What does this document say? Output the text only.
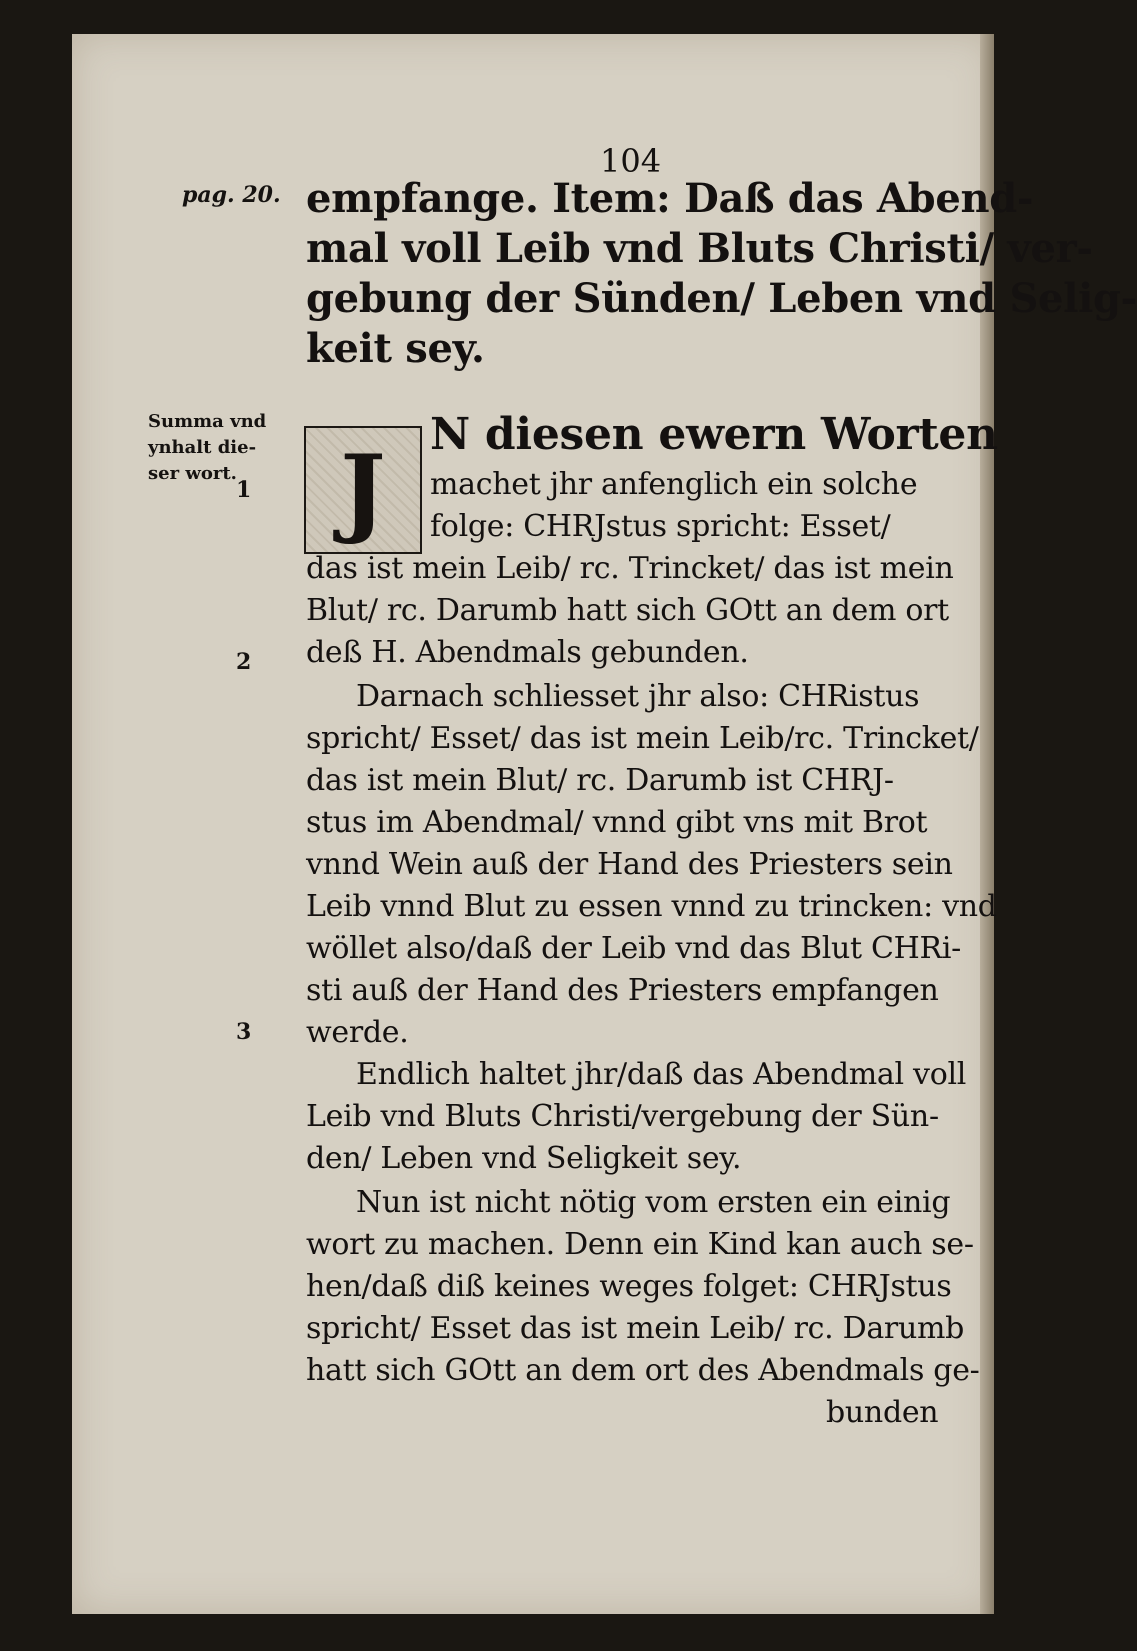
104
pag. 20.
Summa vnd
ynhalt die-
ser wort.
1
2
3
empfange. Item: Daß das Abend-
mal voll Leib vnd Bluts Christi/ ver-
gebung der Sünden/ Leben vnd Selig-
keit sey.
J	N diesen ewern Worten
machet jhr anfenglich ein solche
folge: CHRJstus spricht: Esset/
das ist mein Leib/ rc. Trincket/ das ist mein
Blut/ rc. Darumb hatt sich GOtt an dem ort
deß H. Abendmals gebunden.
Darnach schliesset jhr also: CHRistus
spricht/ Esset/ das ist mein Leib/rc. Trincket/
das ist mein Blut/ rc. Darumb ist CHRJ-
stus im Abendmal/ vnnd gibt vns mit Brot
vnnd Wein auß der Hand des Priesters sein
Leib vnnd Blut zu essen vnnd zu trincken: vnd
wöllet also/daß der Leib vnd das Blut CHRi-
sti auß der Hand des Priesters empfangen
werde.
Endlich haltet jhr/daß das Abendmal voll
Leib vnd Bluts Christi/vergebung der Sün-
den/ Leben vnd Seligkeit sey.
Nun ist nicht nötig vom ersten ein einig
wort zu machen. Denn ein Kind kan auch se-
hen/daß diß keines weges folget: CHRJstus
spricht/ Esset das ist mein Leib/ rc. Darumb
hatt sich GOtt an dem ort des Abendmals ge-
bunden
